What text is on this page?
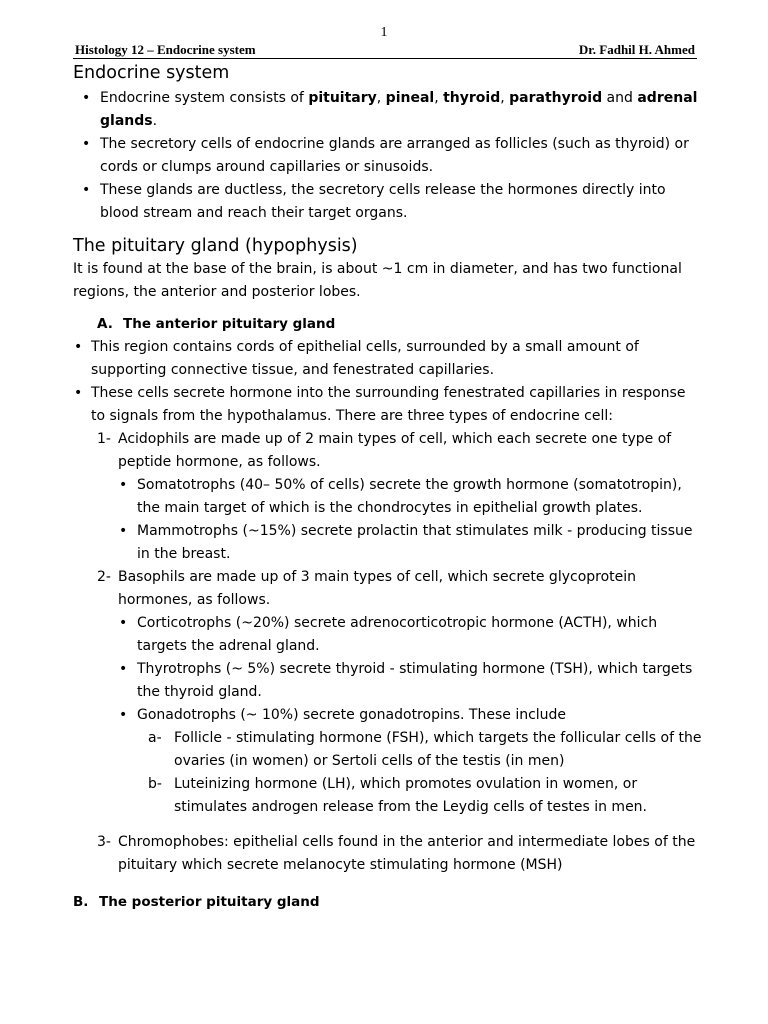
1
Histology 12 – Endocrine system	Dr. Fadhil H. Ahmed
Endocrine system
• Endocrine system consists of pituitary, pineal, thyroid, parathyroid and adrenal glands.
• The secretory cells of endocrine glands are arranged as follicles (such as thyroid) or cords or clumps around capillaries or sinusoids.
• These glands are ductless, the secretory cells release the hormones directly into blood stream and reach their target organs.
The pituitary gland (hypophysis)

It is found at the base of the brain, is about ~1 cm in diameter, and has two functional regions, the anterior and posterior lobes.

A. The anterior pituitary gland
• This region contains cords of epithelial cells, surrounded by a small amount of supporting connective tissue, and fenestrated capillaries.
• These cells secrete hormone into the surrounding fenestrated capillaries in response to signals from the hypothalamus. There are three types of endocrine cell:

1- Acidophils are made up of 2 main types of cell, which each secrete one type of peptide hormone, as follows.

• Somatotrophs (40– 50% of cells) secrete the growth hormone (somatotropin), the main target of which is the chondrocytes in epithelial growth plates.
• Mammotrophs (~15%) secrete prolactin that stimulates milk - producing tissue in the breast.

2- Basophils are made up of 3 main types of cell, which secrete glycoprotein hormones, as follows.

• Corticotrophs (~20%) secrete adrenocorticotropic hormone (ACTH), which targets the adrenal gland.
• Thyrotrophs (~ 5%) secrete thyroid - stimulating hormone (TSH), which targets the thyroid gland.
• Gonadotrophs (~ 10%) secrete gonadotropins. These include

a- Follicle - stimulating hormone (FSH), which targets the follicular cells of the ovaries (in women) or Sertoli cells of the testis (in men)

b- Luteinizing hormone (LH), which promotes ovulation in women, or stimulates androgen release from the Leydig cells of testes in men.

3- Chromophobes: epithelial cells found in the anterior and intermediate lobes of the pituitary which secrete melanocyte stimulating hormone (MSH)

B. The posterior pituitary gland
